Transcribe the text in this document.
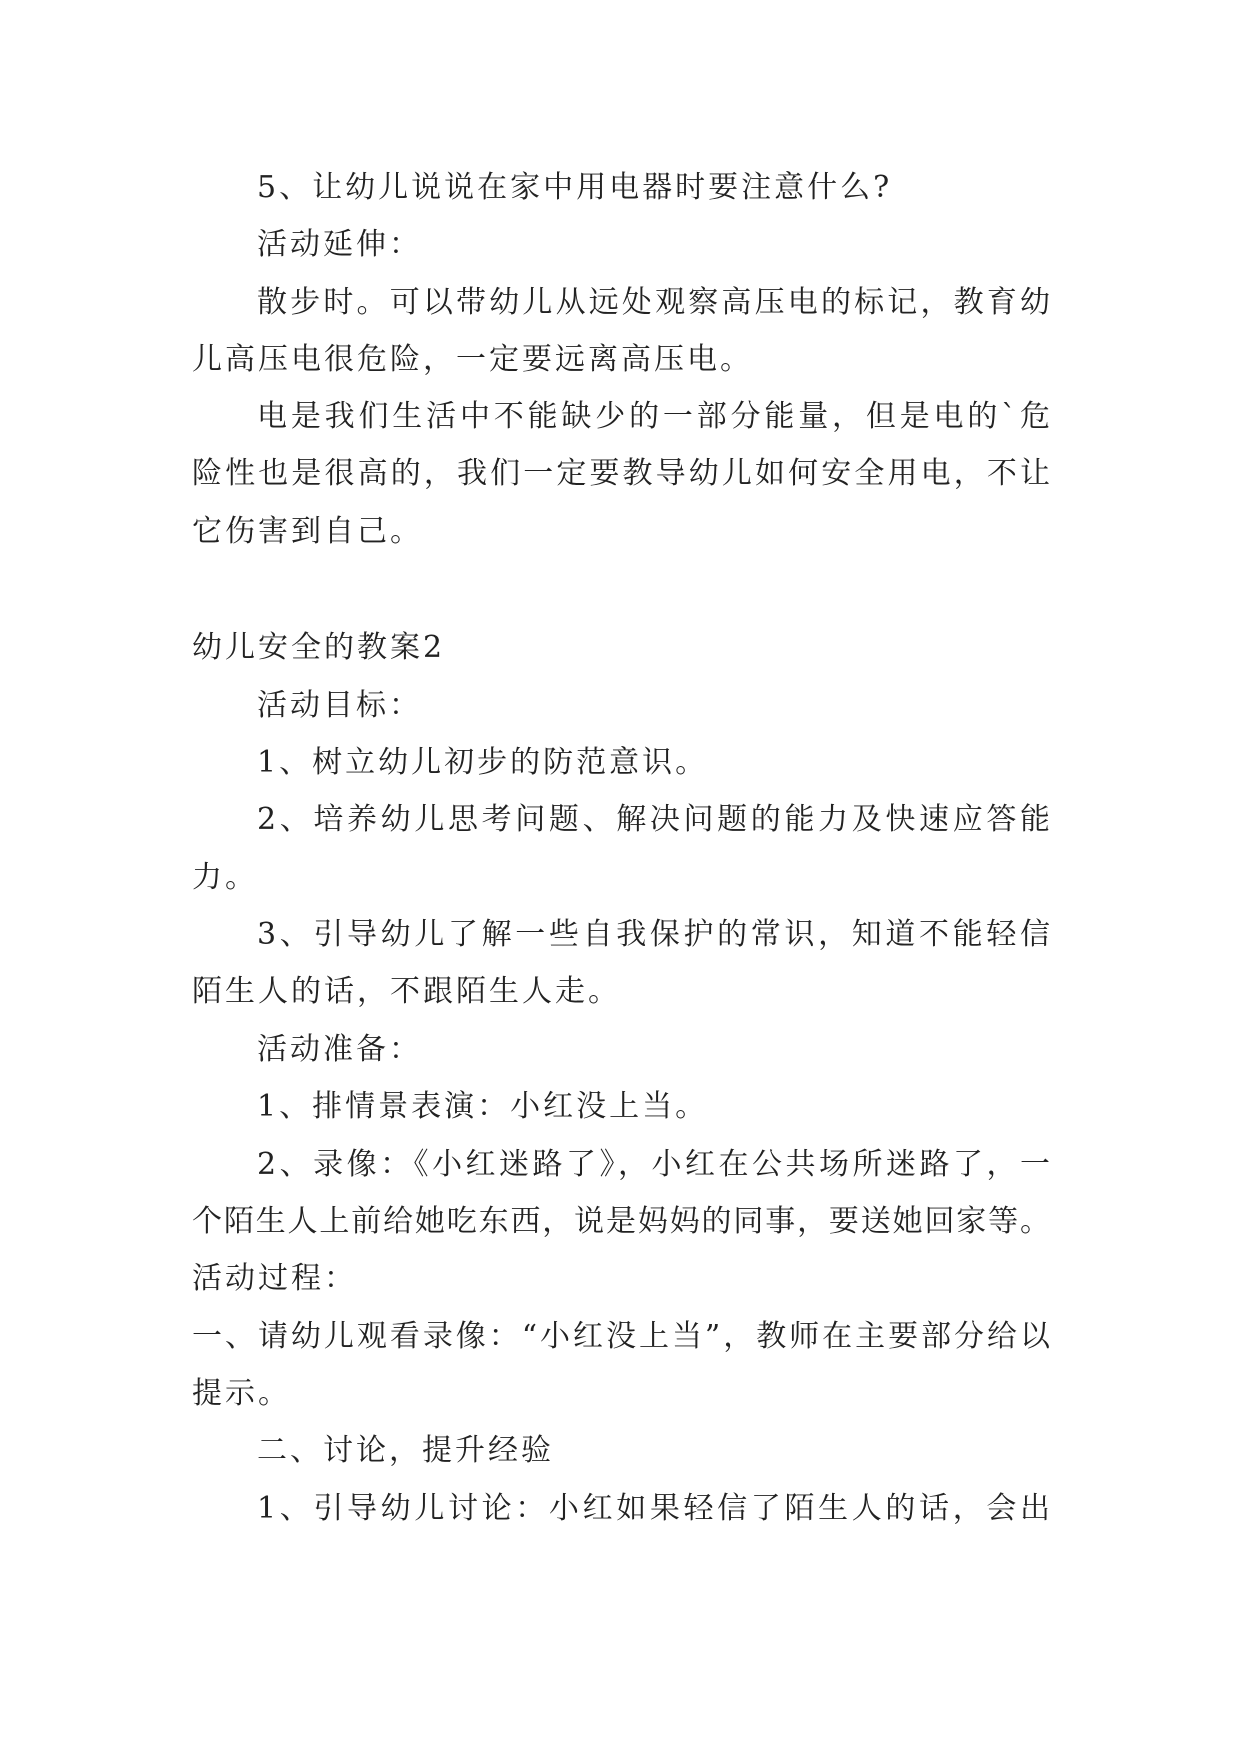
5、让幼儿说说在家中用电器时要注意什么?
活动延伸：
散步时。可以带幼儿从远处观察高压电的标记，教育幼
儿高压电很危险，一定要远离高压电。
电是我们生活中不能缺少的一部分能量，但是电的`危
险性也是很高的，我们一定要教导幼儿如何安全用电，不让
它伤害到自己。
幼儿安全的教案2
活动目标：
1、树立幼儿初步的防范意识。
2、培养幼儿思考问题、解决问题的能力及快速应答能
力。
3、引导幼儿了解一些自我保护的常识，知道不能轻信
陌生人的话，不跟陌生人走。
活动准备：
1、排情景表演：小红没上当。
2、录像：《小红迷路了》，小红在公共场所迷路了，一
个陌生人上前给她吃东西，说是妈妈的同事，要送她回家等。
活动过程：
一、请幼儿观看录像：“小红没上当”，教师在主要部分给以
提示。
二、讨论，提升经验
1、引导幼儿讨论：小红如果轻信了陌生人的话，会出
